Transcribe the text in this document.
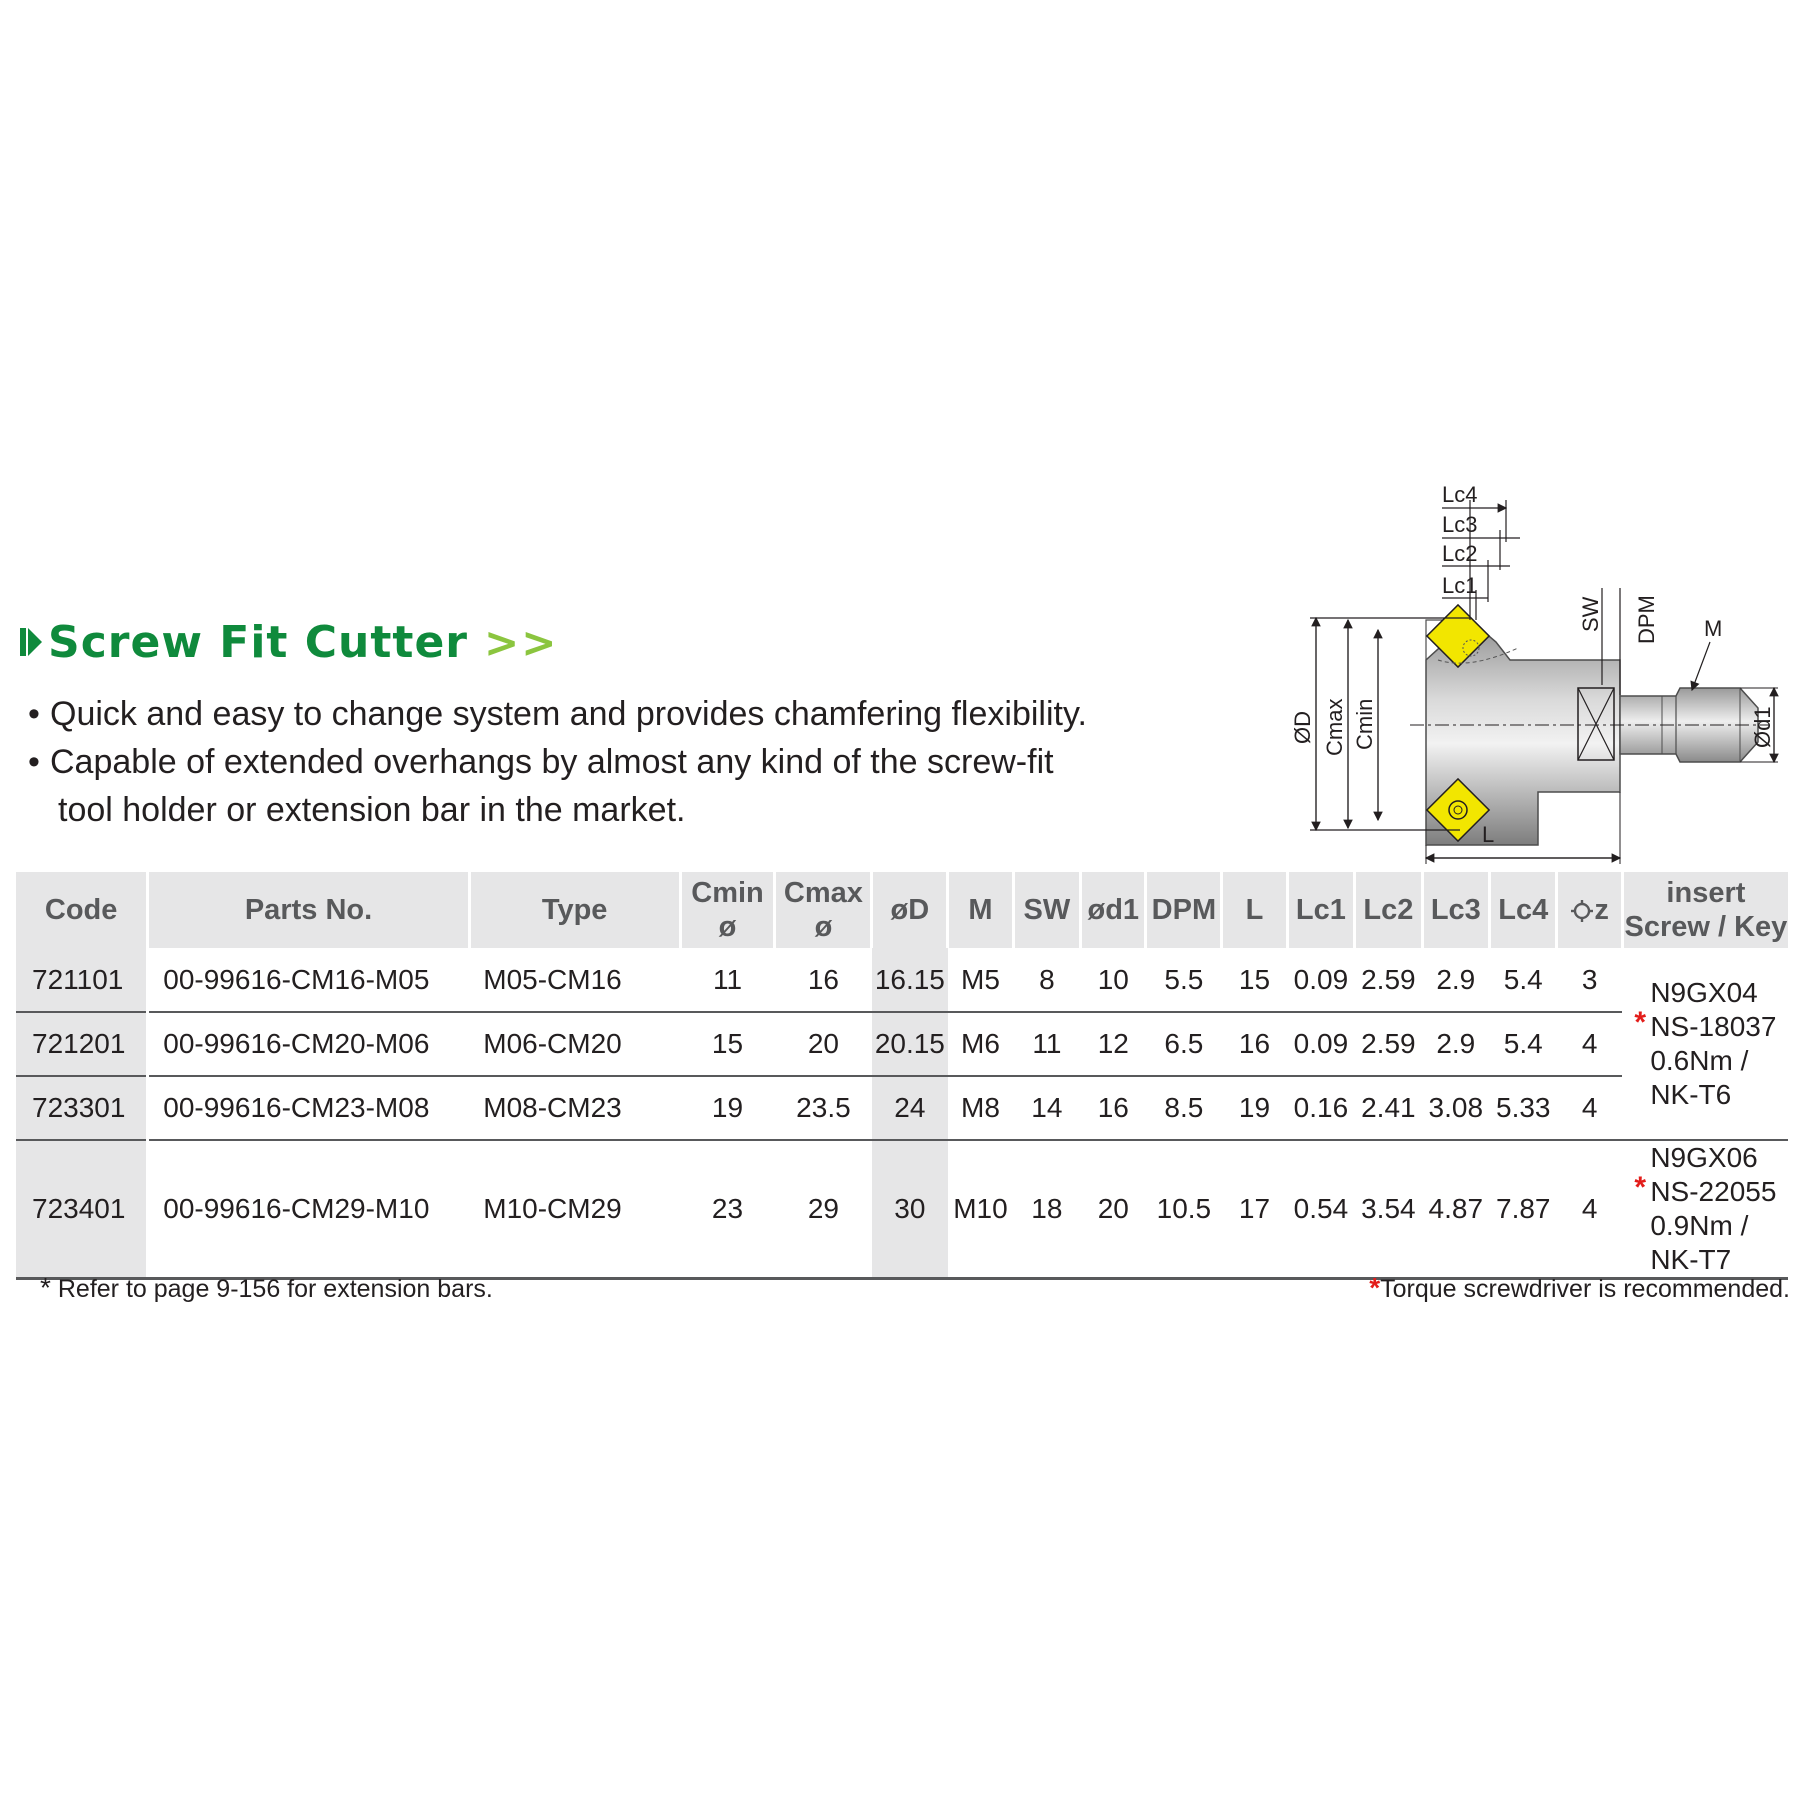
Screw Fit Cutter >>
• Quick and easy to change system and provides chamfering flexibility.
• Capable of extended overhangs by almost any kind of the screw-fit
tool holder or extension bar in the market.
Lc4
Lc3
Lc2
Lc1
SW DPM M
ØD Cmax Cmin	Ød1
L
Code	Parts No.	Type	Cmin
ø	Cmax
ø	øD	M	SW	ød1	DPM	L	Lc1	Lc2	Lc3	Lc4	z	insert
Screw / Key
721101	00-99616-CM16-M05	M05-CM16	11	16	16.15	M5	8	10	5.5	15	0.09	2.59	2.9	5.4	3	N9GX04
* NS-18037
0.6Nm / NK-T6

721201	00-99616-CM20-M06	M06-CM20	15	20	20.15	M6	11	12	6.5	16	0.09	2.59	2.9	5.4	4	
723301	00-99616-CM23-M08	M08-CM23	19	23.5	24	M8	14	16	8.5	19	0.16	2.41	3.08	5.33	4	
723401	00-99616-CM29-M10	M10-CM29	23	29	30	M10	18	20	10.5	17	0.54	3.54	4.87	7.87	4	N9GX06
* NS-22055
0.9Nm / NK-T7
* Refer to page 9-156 for extension bars.	*Torque screwdriver is recommended.
